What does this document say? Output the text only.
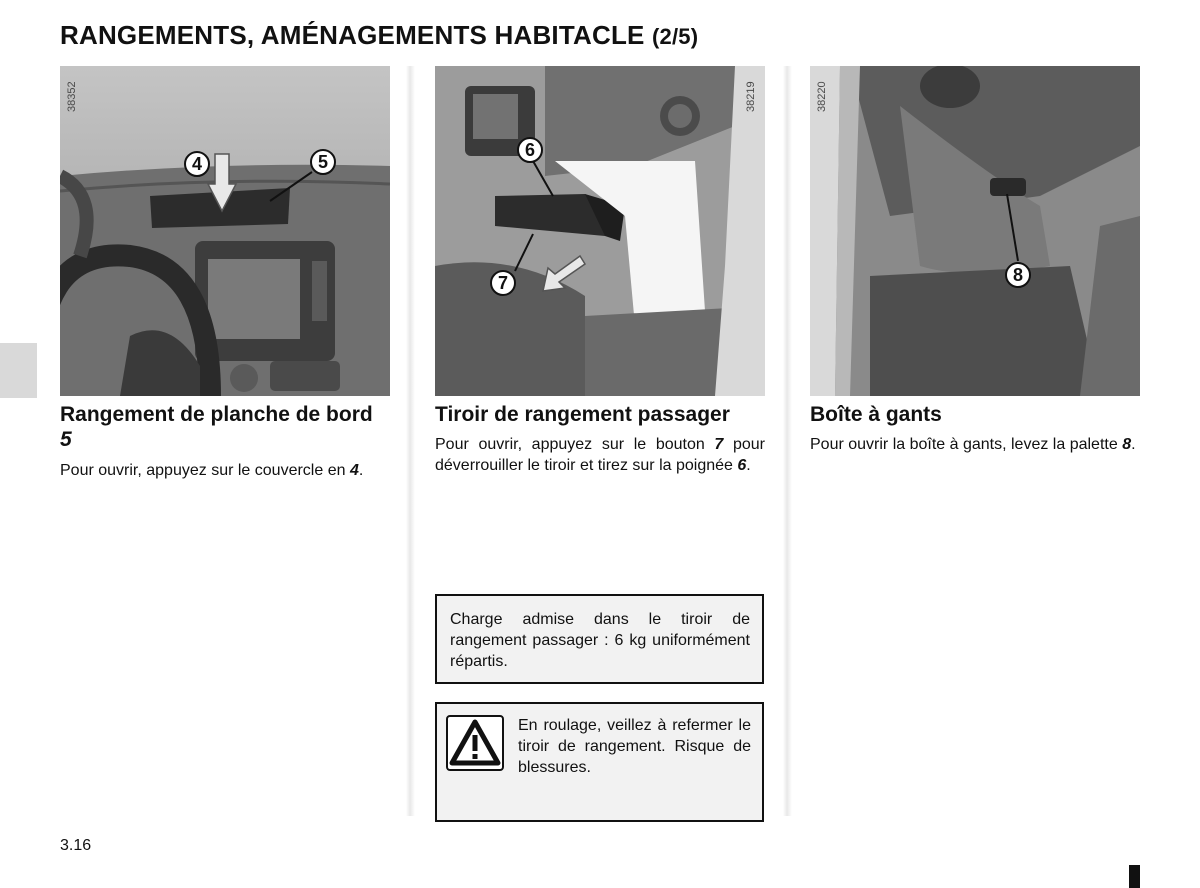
RANGEMENTS, AMÉNAGEMENTS HABITACLE (2/5)
38352
4	5
38219
6
7
38220
8
Rangement de planche de bord 5
Pour ouvrir, appuyez sur le couvercle en 4.
Tiroir de rangement passager
Pour ouvrir, appuyez sur le bouton 7 pour déverrouiller le tiroir et tirez sur la poignée 6.
Boîte à gants
Pour ouvrir la boîte à gants, levez la palette 8.
Charge admise dans le tiroir de rangement passager : 6 kg uniformément répartis.
En roulage, veillez à refermer le tiroir de rangement. Risque de blessures.
3.16
